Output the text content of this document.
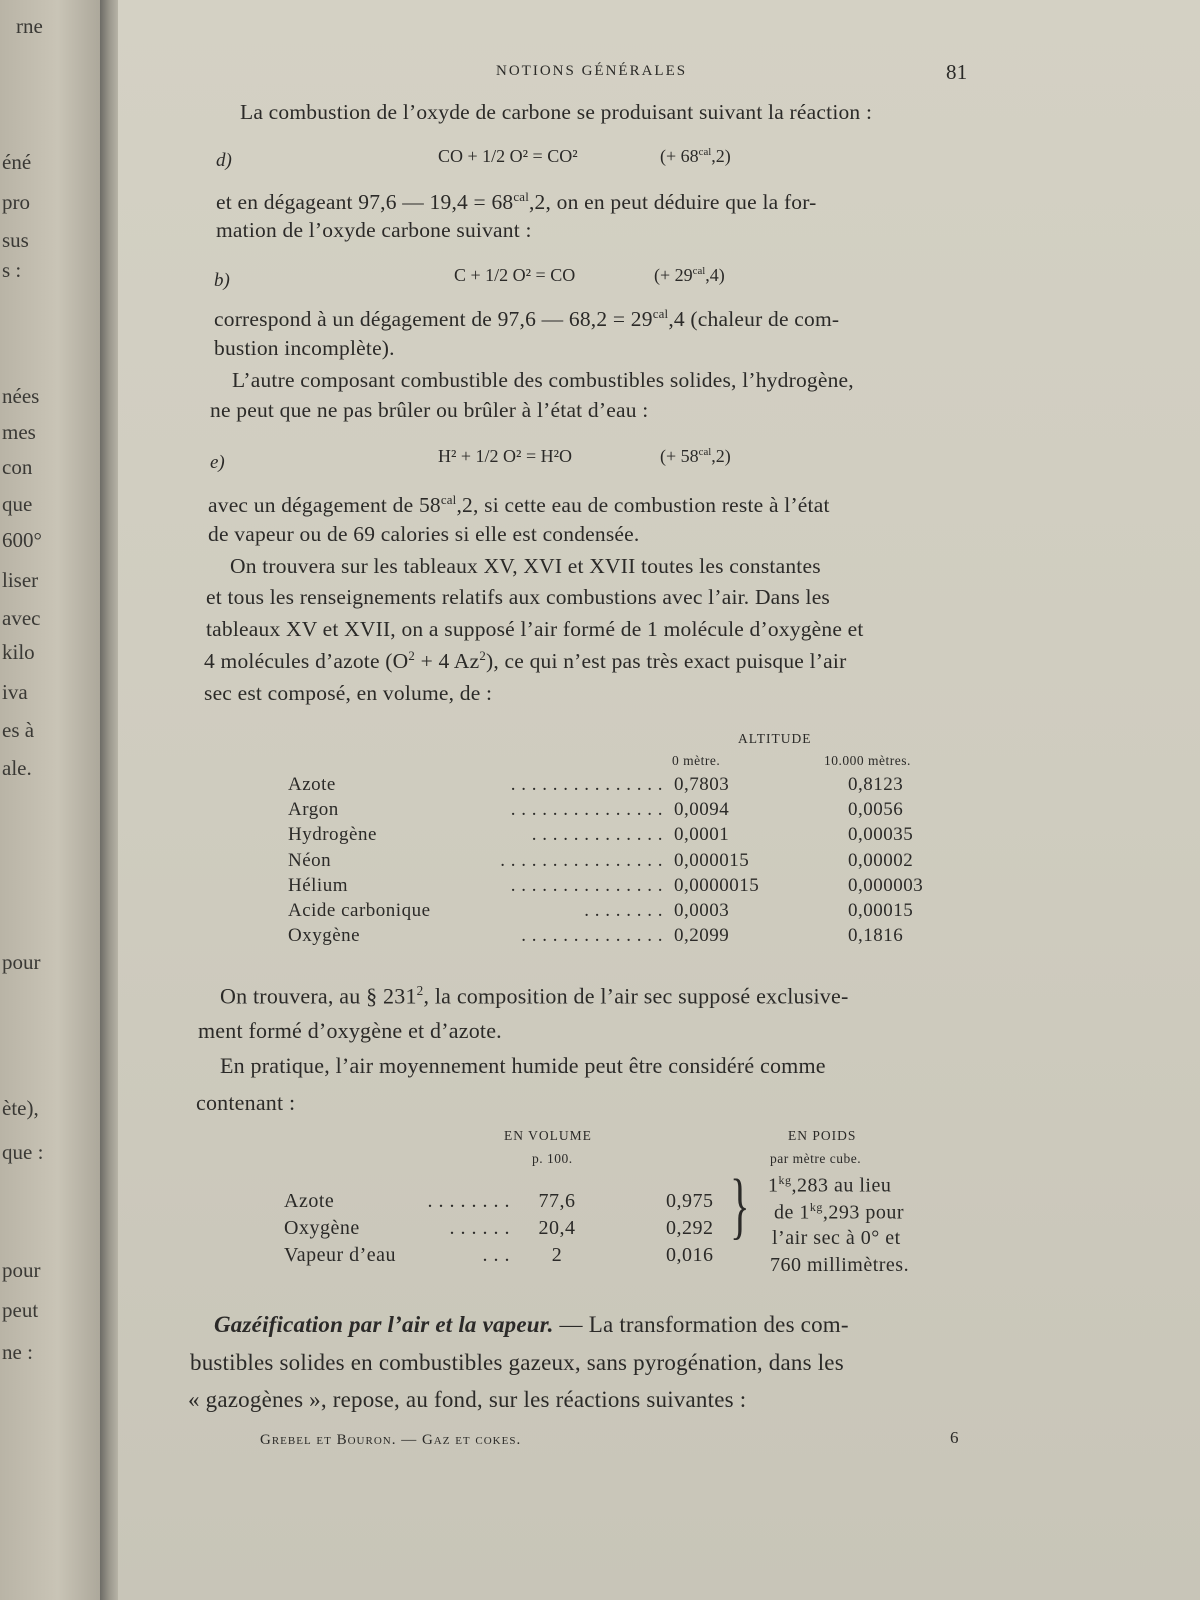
rne
éné
pro
sus
s :
nées
mes
con
que
600°
liser
avec
kilo
iva
es à
ale.
pour
ète),
que :
pour
peut
ne :
NOTIONS GÉNÉRALES	81
La combustion de l’oxyde de carbone se produisant suivant la réaction :
d)	CO + 1/2 O² = CO²	(+ $68^{cal},2$)
et en dégageant 97,6 — $19,4 = 68^{cal},2$, on en peut déduire que la for-
mation de l’oxyde carbone suivant :
b)	C + 1/2 O² = CO	(+ $29^{cal},4$)
correspond à un dégagement de 97,6 — $68,2 = 29^{cal},4$ (chaleur de com-
bustion incomplète).
L’autre composant combustible des combustibles solides, l’hydrogène,
ne peut que ne pas brûler ou brûler à l’état d’eau :
e)	H² + 1/2 O² = H²O	(+ $58^{cal},2$)
avec un dégagement de $58^{cal},2$, si cette eau de combustion reste à l’état
de vapeur ou de 69 calories si elle est condensée.
On trouvera sur les tableaux XV, XVI et XVII toutes les constantes
et tous les renseignements relatifs aux combustions avec l’air. Dans les
tableaux XV et XVII, on a supposé l’air formé de 1 molécule d’oxygène et
4 molécules d’azote ($O^2 + 4$ Az$^2$), ce qui n’est pas très exact puisque l’air
sec est composé, en volume, de :
ALTITUDE
0 mètre.	10.000 mètres.
Azote	. . . . . . . . . . . . . . . 0,7803	0,8123
Argon	. . . . . . . . . . . . . . . 0,0094	0,0056
Hydrogène	. . . . . . . . . . . . . 0,0001	0,00035
Néon	. . . . . . . . . . . . . . . . 0,000015	0,00002
Hélium	. . . . . . . . . . . . . . . 0,0000015	0,000003
Acide carbonique	. . . . . . . . 0,0003	0,00015
Oxygène	. . . . . . . . . . . . . . 0,2099	0,1816
On trouvera, au § $231^2$, la composition de l’air sec supposé exclusive-
ment formé d’oxygène et d’azote.
En pratique, l’air moyennement humide peut être considéré comme
contenant :
EN VOLUME
p. 100.
EN POIDS
par mètre cube.
Azote	. . . . . . . .	77,6	0,975
Oxygène	. . . . . .	20,4	0,292
Vapeur d’eau	. . .	2	0,016
} $1^{kg},283$ au lieu
de $1^{kg},293$ pour
l’air sec à 0° et
760 millimètres.
Gazéification par l’air et la vapeur. — La transformation des com-
bustibles solides en combustibles gazeux, sans pyrogénation, dans les
« gazogènes », repose, au fond, sur les réactions suivantes :
Grebel et Bouron. — Gaz et cokes.	6
